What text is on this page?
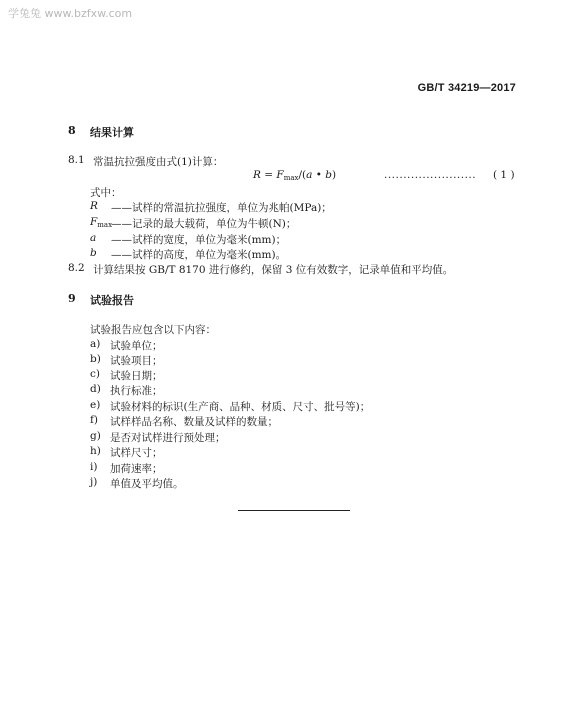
学兔兔 www.bzfxw.com
GB/T 34219—2017
8 结果计算
8.1 常温抗拉强度由式(1)计算：
$R = F_{max}/(a$ • b)	........................ ( 1 )
式中：
R ——试样的常温抗拉强度，单位为兆帕(MPa)；
$F_{max}$
——记录的最大载荷，单位为牛顿(N)；
a ——试样的宽度，单位为毫米(mm)；
b ——试样的高度，单位为毫米(mm)。
8.2 计算结果按 GB/T 8170 进行修约，保留 3 位有效数字，记录单值和平均值。
9 试验报告
试验报告应包含以下内容：
a) 试验单位；
b) 试验项目；
c) 试验日期；
d) 执行标准；
e) 试验材料的标识(生产商、品种、材质、尺寸、批号等)；
f) 试样样品名称、数量及试样的数量；
g) 是否对试样进行预处理；
h) 试样尺寸；
i) 加荷速率；
j) 单值及平均值。
